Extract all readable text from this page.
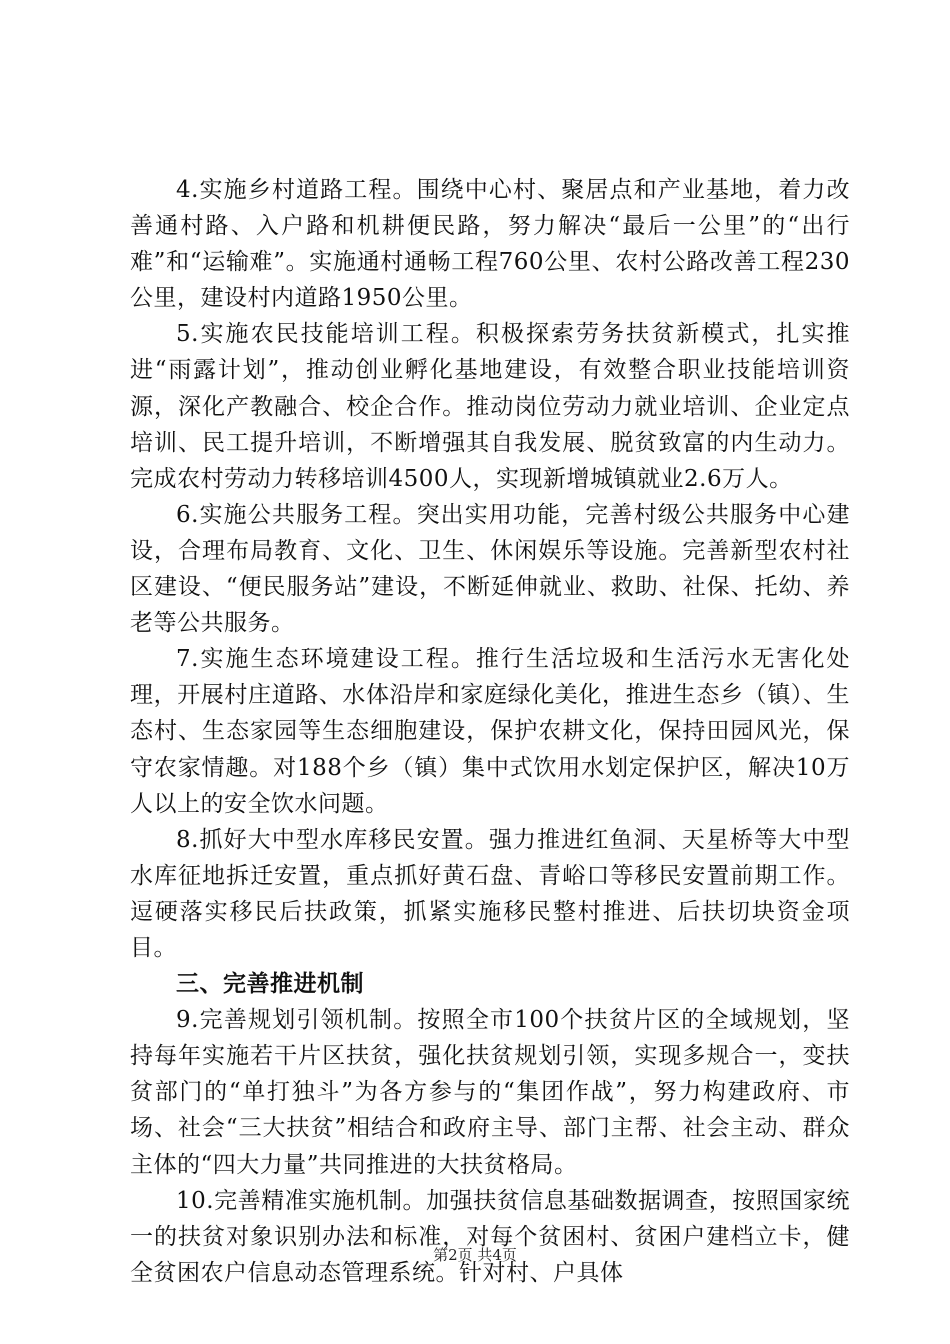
4.实施乡村道路工程。围绕中心村、聚居点和产业基地，着力改善通村路、入户路和机耕便民路，努力解决“最后一公里”的“出行难”和“运输难”。实施通村通畅工程760公里、农村公路改善工程230公里，建设村内道路1950公里。

5.实施农民技能培训工程。积极探索劳务扶贫新模式，扎实推进“雨露计划”，推动创业孵化基地建设，有效整合职业技能培训资源，深化产教融合、校企合作。推动岗位劳动力就业培训、企业定点培训、民工提升培训，不断增强其自我发展、脱贫致富的内生动力。完成农村劳动力转移培训4500人，实现新增城镇就业2.6万人。

6.实施公共服务工程。突出实用功能，完善村级公共服务中心建设，合理布局教育、文化、卫生、休闲娱乐等设施。完善新型农村社区建设、“便民服务站”建设，不断延伸就业、救助、社保、托幼、养老等公共服务。

7.实施生态环境建设工程。推行生活垃圾和生活污水无害化处理，开展村庄道路、水体沿岸和家庭绿化美化，推进生态乡（镇）、生态村、生态家园等生态细胞建设，保护农耕文化，保持田园风光，保守农家情趣。对188个乡（镇）集中式饮用水划定保护区，解决10万人以上的安全饮水问题。

8.抓好大中型水库移民安置。强力推进红鱼洞、天星桥等大中型水库征地拆迁安置，重点抓好黄石盘、青峪口等移民安置前期工作。逗硬落实移民后扶政策，抓紧实施移民整村推进、后扶切块资金项目。

三、完善推进机制

9.完善规划引领机制。按照全市100个扶贫片区的全域规划，坚持每年实施若干片区扶贫，强化扶贫规划引领，实现多规合一，变扶贫部门的“单打独斗”为各方参与的“集团作战”，努力构建政府、市场、社会“三大扶贫”相结合和政府主导、部门主帮、社会主动、群众主体的“四大力量”共同推进的大扶贫格局。

10.完善精准实施机制。加强扶贫信息基础数据调查，按照国家统一的扶贫对象识别办法和标准，对每个贫困村、贫困户建档立卡，健全贫困农户信息动态管理系统。针对村、户具体

第2页 共4页
